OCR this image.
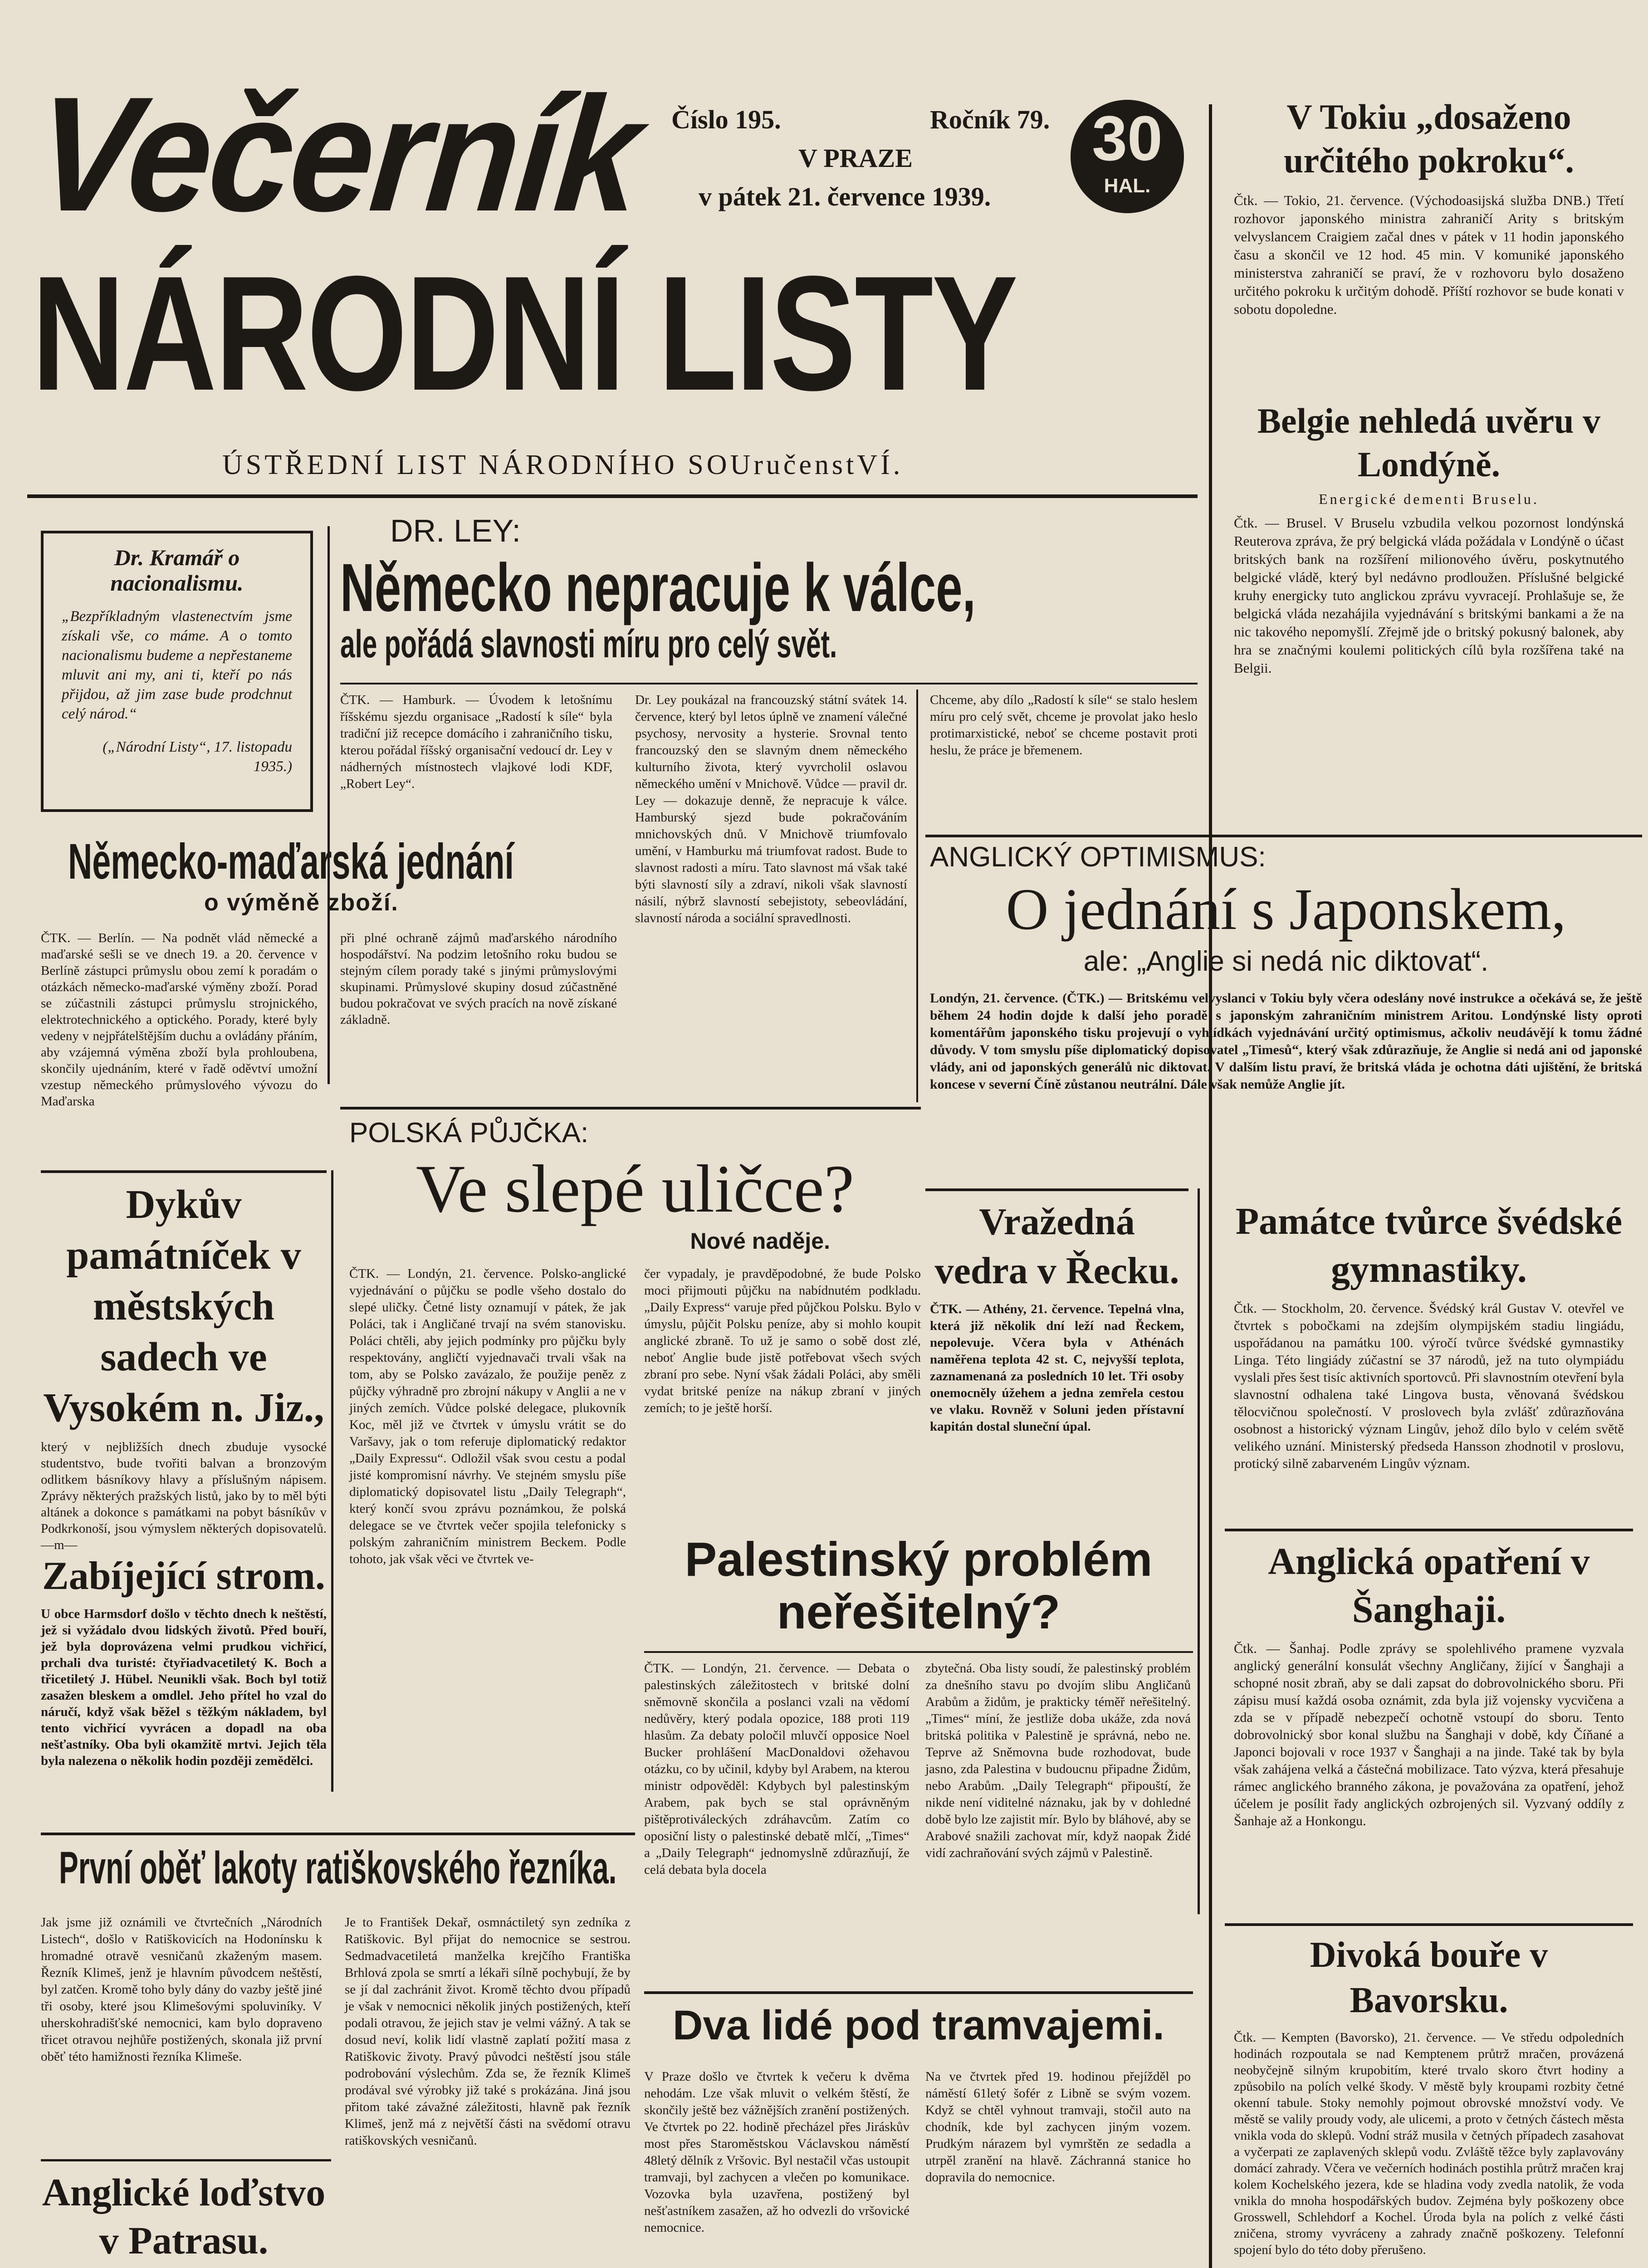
Večerník Číslo 195.	Ročník 79.
V PRAZE
v pátek 21. července 1939.
30
HAL.
NÁRODNÍ LISTY
ÚSTŘEDNÍ LIST NÁRODNÍHO SOUručenstVÍ.
V Tokiu „dosaženo určitého pokroku“.
Čtk. — Tokio, 21. července. (Východoasijská služba DNB.) Třetí rozhovor japonského ministra zahraničí Arity s britským velvyslancem Craigiem začal dnes v pátek v 11 hodin japonského času a skončil ve 12 hod. 45 min. V komuniké japonského ministerstva zahraničí se praví, že v rozhovoru bylo dosaženo určitého pokroku k určitým dohodě. Příští rozhovor se bude konati v sobotu dopoledne.
Belgie nehledá uvěru v Londýně.
Energické dementi Bruselu.
Čtk. — Brusel. V Bruselu vzbudila velkou pozornost londýnská Reuterova zpráva, že prý belgická vláda požádala v Londýně o účast britských bank na rozšíření milionového úvěru, poskytnutého belgické vládě, který byl nedávno prodloužen. Příslušné belgické kruhy energicky tuto anglickou zprávu vyvracejí. Prohlašuje se, že belgická vláda nezahájila vyjednávání s britskými bankami a že na nic takového nepomyšlí. Zřejmě jde o britský pokusný balonek, aby hra se značnými koulemi politických cílů byla rozšířena také na Belgii.
Dr. Kramář o nacionalismu.
„Bezpříkladným vlastenectvím jsme získali vše, co máme. A o tomto nacionalismu budeme a nepřestaneme mluvit ani my, ani ti, kteří po nás přijdou, až jim zase bude prodchnut celý národ.“
(„Národní Listy“, 17. listopadu 1935.)
DR. LEY:
Německo nepracuje k válce,
ale pořádá slavnosti míru pro celý svět.
ČTK. — Hamburk. — Úvodem k letošnímu říšskému sjezdu organisace „Radostí k síle“ byla tradiční již recepce domácího i zahraničního tisku, kterou pořádal říšský organisační vedoucí dr. Ley v nádherných místnostech vlajkové lodi KDF, „Robert Ley“.
Dr. Ley poukázal na francouzský státní svátek 14. července, který byl letos úplně ve znamení válečné psychosy, nervosity a hysterie. Srovnal tento francouzský den se slavným dnem německého kulturního života, který vyvrcholil oslavou německého umění v Mnichově. Vůdce — pravil dr. Ley — dokazuje denně, že nepracuje k válce. Hamburský sjezd bude pokračováním mnichovských dnů. V Mnichově triumfovalo umění, v Hamburku má triumfovat radost. Bude to slavnost radosti a míru. Tato slavnost má však také býti slavností síly a zdraví, nikoli však slavností násilí, nýbrž slavností sebejistoty, sebeovládání, slavností národa a sociální spravedlnosti.
Chceme, aby dílo „Radostí k síle“ se stalo heslem míru pro celý svět, chceme je provolat jako heslo protimarxistické, neboť se chceme postavit proti heslu, že práce je břemenem.
Německo-maďarská jednání
o výměně zboží.
ČTK. — Berlín. — Na podnět vlád německé a maďarské sešli se ve dnech 19. a 20. července v Berlíně zástupci průmyslu obou zemí k poradám o otázkách německo-maďarské výměny zboží. Porad se zúčastnili zástupci průmyslu strojnického, elektrotechnického a optického. Porady, které byly vedeny v nejpřátelštějším duchu a ovládány přáním, aby vzájemná výměna zboží byla prohloubena, skončily ujednáním, které v řadě oděvtví umožní vzestup německého průmyslového vývozu do Maďarska
při plné ochraně zájmů maďarského národního hospodářství. Na podzim letošního roku budou se stejným cílem porady také s jinými průmyslovými skupinami. Průmyslové skupiny dosud zúčastněné budou pokračovat ve svých pracích na nově získané základně.
ANGLICKÝ OPTIMISMUS:
O jednání s Japonskem,
ale: „Anglie si nedá nic diktovat“.
Londýn, 21. července. (ČTK.) — Britskému velvyslanci v Tokiu byly včera odeslány nové instrukce a očekává se, že ještě během 24 hodin dojde k další jeho poradě s japonským zahraničním ministrem Aritou. Londýnské listy oproti komentářům japonského tisku projevují o vyhlídkách vyjednávání určitý optimismus, ačkoliv neudávějí k tomu žádné důvody. V tom smyslu píše diplomatický dopisovatel „Timesů“, který však zdůrazňuje, že Anglie si nedá ani od japonské vlády, ani od japonských generálů nic diktovat. V dalším listu praví, že britská vláda je ochotna dáti ujištění, že britská koncese v severní Číně zůstanou neutrální. Dále však nemůže Anglie jít.
POLSKÁ PŮJČKA:
Ve slepé uličce?
Nové naděje.
ČTK. — Londýn, 21. července. Polsko-anglické vyjednávání o půjčku se podle všeho dostalo do slepé uličky. Četné listy oznamují v pátek, že jak Poláci, tak i Angličané trvají na svém stanovisku. Poláci chtěli, aby jejich podmínky pro půjčku byly respektovány, angličtí vyjednavači trvali však na tom, aby se Polsko zavázalo, že použije peněz z půjčky výhradně pro zbrojní nákupy v Anglii a ne v jiných zemích. Vůdce polské delegace, plukovník Koc, měl již ve čtvrtek v úmyslu vrátit se do Varšavy, jak o tom referuje diplomatický redaktor „Daily Expressu“. Odložil však svou cestu a podal jisté kompromisní návrhy. Ve stejném smyslu píše diplomatický dopisovatel listu „Daily Telegraph“, který končí svou zprávu poznámkou, že polská delegace se ve čtvrtek večer spojila telefonicky s polským zahraničním ministrem Beckem. Podle tohoto, jak však věci ve čtvrtek ve-
čer vypadaly, je pravděpodobné, že bude Polsko moci přijmouti půjčku na nabídnutém podkladu. „Daily Express“ varuje před půjčkou Polsku. Bylo v úmyslu, půjčit Polsku peníze, aby si mohlo koupit anglické zbraně. To už je samo o sobě dost zlé, neboť Anglie bude jistě potřebovat všech svých zbraní pro sebe. Nyní však žádali Poláci, aby směli vydat britské peníze na nákup zbraní v jiných zemích; to je ještě horší.
Dykův památníček v městských sadech ve Vysokém n. Jiz.,
který v nejbližších dnech zbuduje vysocké studentstvo, bude tvořiti balvan a bronzovým odlitkem básníkovy hlavy a příslušným nápisem. Zprávy některých pražských listů, jako by to měl býti altánek a dokonce s památkami na pobyt básníkův v Podkrkonoší, jsou výmyslem některých dopisovatelů. —m—
Zabíjející strom.
U obce Harmsdorf došlo v těchto dnech k neštěstí, jež si vyžádalo dvou lidských životů. Před bouří, jež byla doprovázena velmi prudkou vichřicí, prchali dva turisté: čtyřiadvacetiletý K. Boch a třicetiletý J. Hübel. Neunikli však. Boch byl totiž zasažen bleskem a omdlel. Jeho přítel ho vzal do náručí, když však běžel s těžkým nákladem, byl tento vichřicí vyvrácen a dopadl na oba nešťastníky. Oba byli okamžitě mrtvi. Jejich těla byla nalezena o několik hodin později zemědělci.
Vražedná vedra v Řecku.
ČTK. — Athény, 21. července. Tepelná vlna, která již několik dní leží nad Řeckem, nepolevuje. Včera byla v Athénách naměřena teplota 42 st. C, nejvyšší teplota, zaznamenaná za posledních 10 let. Tři osoby onemocněly úžehem a jedna zemřela cestou ve vlaku. Rovněž v Soluni jeden přístavní kapitán dostal sluneční úpal.
Památce tvůrce švédské gymnastiky.
Čtk. — Stockholm, 20. července. Švédský král Gustav V. otevřel ve čtvrtek s pobočkami na zdejším olympijském stadiu lingiádu, uspořádanou na památku 100. výročí tvůrce švédské gymnastiky Linga. Této lingiády zúčastní se 37 národů, jež na tuto olympiádu vyslali přes šest tisíc aktivních sportovců. Při slavnostním otevření byla slavnostní odhalena také Lingova busta, věnovaná švédskou tělocvičnou společností. V proslovech byla zvlášť zdůrazňována osobnost a historický význam Lingův, jehož dílo bylo v celém světě velikého uznání. Ministerský předseda Hansson zhodnotil v proslovu, protický silně zabarveném Lingův význam.
Palestinský problém neřešitelný?
ČTK. — Londýn, 21. července. — Debata o palestinských záležitostech v britské dolní sněmovně skončila a poslanci vzali na vědomí nedůvěry, který podala opozice, 188 proti 119 hlasům. Za debaty poločil mluvčí opposice Noel Bucker prohlášení MacDonaldovi ožehavou otázku, co by učinil, kdyby byl Arabem, na kterou ministr odpověděl: Kdybych byl palestinským Arabem, pak bych se stal oprávněným pištěprotiváleckých zdráhavcům. Zatím co oposiční listy o palestinské debatě mlčí, „Times“ a „Daily Telegraph“ jednomyslně zdůrazňují, že celá debata byla docela
zbytečná. Oba listy soudí, že palestinský problém za dnešního stavu po dvojím slibu Angličanů Arabům a židům, je prakticky téměř neřešitelný. „Times“ míní, že jestliže doba ukáže, zda nová britská politika v Palestině je správná, nebo ne. Teprve až Sněmovna bude rozhodovat, bude jasno, zda Palestina v budoucnu připadne Židům, nebo Arabům. „Daily Telegraph“ připouští, že nikde není viditelné náznaku, jak by v dohledné době bylo lze zajistit mír. Bylo by bláhové, aby se Arabové snažili zachovat mír, když naopak Židé vidí zachraňování svých zájmů v Palestině.
Anglická opatření v Šanghaji.
Čtk. — Šanhaj. Podle zprávy se spolehlivého pramene vyzvala anglický generální konsulát všechny Angličany, žijící v Šanghaji a schopné nosit zbraň, aby se dali zapsat do dobrovolnického sboru. Při zápisu musí každá osoba oznámit, zda byla již vojensky vycvičena a zda se v případě nebezpečí ochotně vstoupí do sboru. Tento dobrovolnický sbor konal službu na Šanghaji v době, kdy Číňané a Japonci bojovali v roce 1937 v Šanghaji a na jinde. Také tak by byla však zahájena velká a částečná mobilizace. Tato výzva, která přesahuje rámec anglického branného zákona, je považována za opatření, jehož účelem je posílit řady anglických ozbrojených sil. Vyzvaný oddíly z Šanhaje až a Honkongu.
První oběť lakoty ratiškovského řezníka.
Jak jsme již oznámili ve čtvrtečních „Národních Listech“, došlo v Ratiškovicích na Hodonínsku k hromadné otravě vesničanů zkaženým masem. Řezník Klimeš, jenž je hlavním původcem neštěstí, byl zatčen. Kromě toho byly dány do vazby ještě jiné tři osoby, které jsou Klimešovými spoluviníky. V uherskohradišťské nemocnici, kam bylo dopraveno třicet otravou nejhůře postižených, skonala již první oběť této hamižnosti řezníka Klimeše.
Je to František Dekař, osmnáctiletý syn zedníka z Ratiškovic. Byl přijat do nemocnice se sestrou. Sedmadvacetiletá manželka krejčího Františka Brhlová zpola se smrtí a lékaři sílně pochybují, že by se jí dal zachránit život. Kromě těchto dvou případů je však v nemocnici několik jiných postižených, kteří podali otravou, že jejich stav je velmi vážný. A tak se dosud neví, kolik lidí vlastně zaplatí požití masa z Ratiškovic životy. Pravý původci neštěstí jsou stále podrobování výslechům. Zda se, že řezník Klimeš prodával své výrobky již také s prokázána. Jiná jsou přitom také závažné záležitosti, hlavně pak řezník Klimeš, jenž má z největší části na svědomí otravu ratiškovských vesničanů.
Anglické loďstvo v Patrasu.
Divoká bouře v Bavorsku.
Čtk. — Kempten (Bavorsko), 21. července. — Ve středu odpoledních hodinách rozpoutala se nad Kemptenem průtrž mračen, provázená neobyčejně silným krupobitím, které trvalo skoro čtvrt hodiny a způsobilo na polích velké škody. V městě byly kroupami rozbity četné okenní tabule. Stoky nemohly pojmout obrovské množství vody. Ve městě se valily proudy vody, ale ulicemi, a proto v četných částech města vnikla voda do sklepů. Vodní stráž musila v četných případech zasahovat a vyčerpati ze zaplavených sklepů vodu. Zvláště těžce byly zaplavovány domácí zahrady. Včera ve večerních hodinách postihla průtrž mračen kraj kolem Kochelského jezera, kde se hladina vody zvedla natolik, že voda vnikla do mnoha hospodářských budov. Zejména byly poškozeny obce Grosswell, Schlehdorf a Kochel. Úroda byla na polích z velké části zničena, stromy vyvráceny a zahrady značně poškozeny. Telefonní spojení bylo do této doby přerušeno.
Dva lidé pod tramvajemi.
V Praze došlo ve čtvrtek k večeru k dvěma nehodám. Lze však mluvit o velkém štěstí, že skončily ještě bez vážnějších zranění postižených. Ve čtvrtek po 22. hodině přecházel přes Jiráskův most přes Staroměstskou Václavskou náměstí 48letý dělník z Vršovic. Byl nestačil včas ustoupit tramvaji, byl zachycen a vlečen po komunikace. Vozovka byla uzavřena, postižený byl nešťastníkem zasažen, až ho odvezli do vršovické nemocnice.
Na ve čtvrtek před 19. hodinou přejížděl po náměstí 61letý šofér z Libně se svým vozem. Když se chtěl vyhnout tramvaji, stočil auto na chodník, kde byl zachycen jiným vozem. Prudkým nárazem byl vymrštěn ze sedadla a utrpěl zranění na hlavě. Záchranná stanice ho dopravila do nemocnice.
